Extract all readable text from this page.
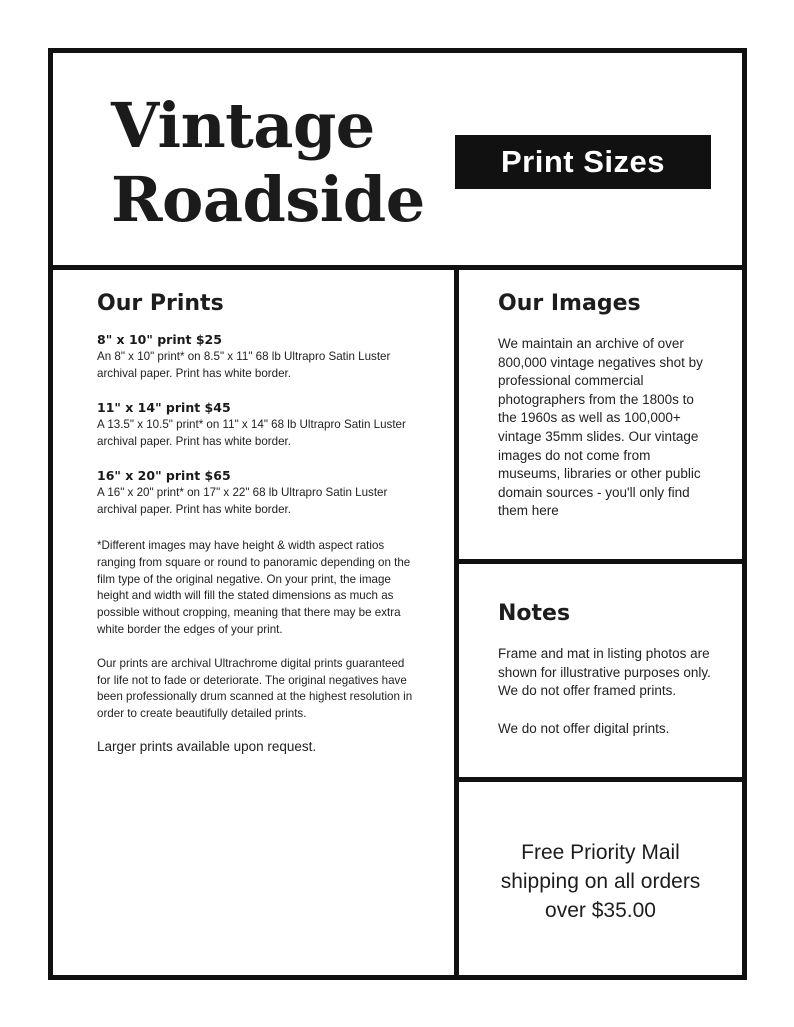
Vintage
Roadside
Print Sizes
Our Prints
8" x 10" print $25
An 8" x 10" print* on 8.5" x 11" 68 lb Ultrapro Satin Luster archival paper. Print has white border.
11" x 14" print $45
A 13.5" x 10.5" print* on 11" x 14" 68 lb Ultrapro Satin Luster archival paper. Print has white border.
16" x 20" print $65
A 16" x 20" print* on 17" x 22" 68 lb Ultrapro Satin Luster archival paper. Print has white border.

*Different images may have height & width aspect ratios ranging from square or round to panoramic depending on the film type of the original negative. On your print, the image height and width will fill the stated dimensions as much as possible without cropping, meaning that there may be extra white border the edges of your print.

Our prints are archival Ultrachrome digital prints guaranteed for life not to fade or deteriorate. The original negatives have been professionally drum scanned at the highest resolution in order to create beautifully detailed prints.

Larger prints available upon request.

Our Images

We maintain an archive of over 800,000 vintage negatives shot by professional commercial photographers from the 1800s to the 1960s as well as 100,000+ vintage 35mm slides. Our vintage images do not come from museums, libraries or other public domain sources - you'll only find them here

Notes

Frame and mat in listing photos are shown for illustrative purposes only. We do not offer framed prints.

We do not offer digital prints.

Free Priority Mail shipping on all orders over $35.00
